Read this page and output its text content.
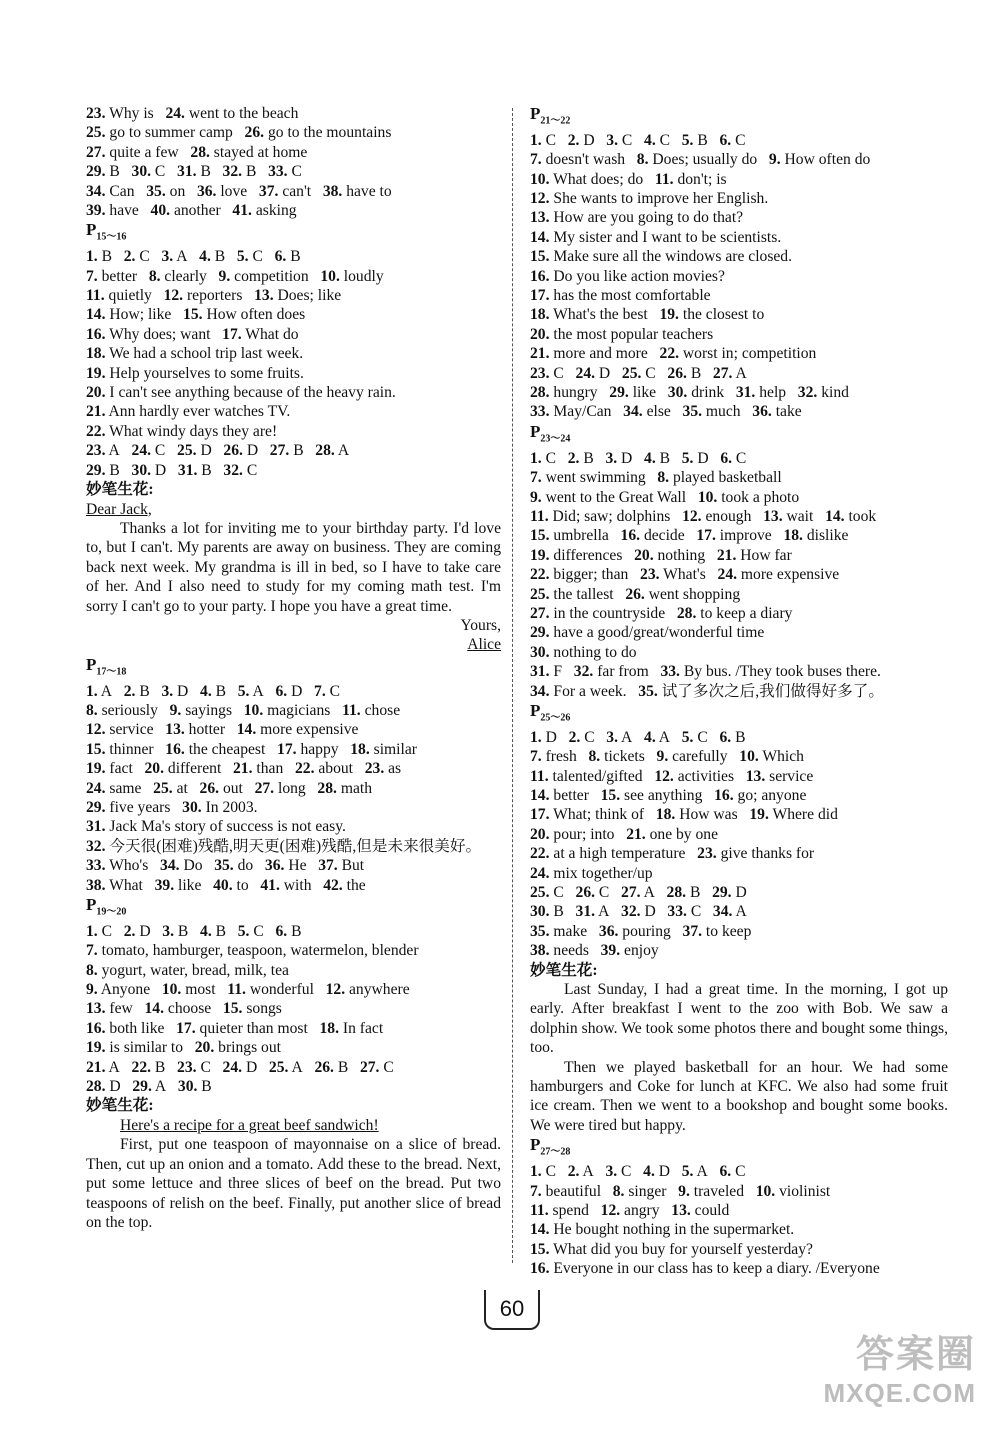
23. Why is 24. went to the beach
25. go to summer camp 26. go to the mountains
27. quite a few 28. stayed at home
29. B 30. C 31. B 32. B 33. C
34. Can 35. on 36. love 37. can't 38. have to
39. have 40. another 41. asking
$P_{15\sim 16}$
1. B 2. C 3. A 4. B 5. C 6. B
7. better 8. clearly 9. competition 10. loudly
11. quietly 12. reporters 13. Does; like
14. How; like 15. How often does
16. Why does; want 17. What do
18. We had a school trip last week.
19. Help yourselves to some fruits.
20. I can't see anything because of the heavy rain.
21. Ann hardly ever watches TV.
22. What windy days they are!
23. A 24. C 25. D 26. D 27. B 28. A
29. B 30. D 31. B 32. C
妙笔生花:
Dear Jack,
Thanks a lot for inviting me to your birthday party. I'd love to, but I can't. My parents are away on business. They are coming back next week. My grandma is ill in bed, so I have to take care of her. And I also need to study for my coming math test. I'm sorry I can't go to your party. I hope you have a great time.
Yours,
Alice
$P_{17\sim 18}$
1. A 2. B 3. D 4. B 5. A 6. D 7. C
8. seriously 9. sayings 10. magicians 11. chose
12. service 13. hotter 14. more expensive
15. thinner 16. the cheapest 17. happy 18. similar
19. fact 20. different 21. than 22. about 23. as
24. same 25. at 26. out 27. long 28. math
29. five years 30. In 2003.
31. Jack Ma's story of success is not easy.
32. 今天很(困难)残酷,明天更(困难)残酷,但是未来很美好。
33. Who's 34. Do 35. do 36. He 37. But
38. What 39. like 40. to 41. with 42. the
$P_{19\sim 20}$
1. C 2. D 3. B 4. B 5. C 6. B
7. tomato, hamburger, teaspoon, watermelon, blender
8. yogurt, water, bread, milk, tea
9. Anyone 10. most 11. wonderful 12. anywhere
13. few 14. choose 15. songs
16. both like 17. quieter than most 18. In fact
19. is similar to 20. brings out
21. A 22. B 23. C 24. D 25. A 26. B 27. C
28. D 29. A 30. B
妙笔生花:
Here's a recipe for a great beef sandwich!
First, put one teaspoon of mayonnaise on a slice of bread. Then, cut up an onion and a tomato. Add these to the bread. Next, put some lettuce and three slices of beef on the bread. Put two teaspoons of relish on the beef. Finally, put another slice of bread on the top.
$P_{21\sim 22}$
1. C 2. D 3. C 4. C 5. B 6. C
7. doesn't wash 8. Does; usually do 9. How often do
10. What does; do 11. don't; is
12. She wants to improve her English.
13. How are you going to do that?
14. My sister and I want to be scientists.
15. Make sure all the windows are closed.
16. Do you like action movies?
17. has the most comfortable
18. What's the best 19. the closest to
20. the most popular teachers
21. more and more 22. worst in; competition
23. C 24. D 25. C 26. B 27. A
28. hungry 29. like 30. drink 31. help 32. kind
33. May/Can 34. else 35. much 36. take
$P_{23\sim 24}$
1. C 2. B 3. D 4. B 5. D 6. C
7. went swimming 8. played basketball
9. went to the Great Wall 10. took a photo
11. Did; saw; dolphins 12. enough 13. wait 14. took
15. umbrella 16. decide 17. improve 18. dislike
19. differences 20. nothing 21. How far
22. bigger; than 23. What's 24. more expensive
25. the tallest 26. went shopping
27. in the countryside 28. to keep a diary
29. have a good/great/wonderful time
30. nothing to do
31. F 32. far from 33. By bus. /They took buses there.
34. For a week. 35. 试了多次之后,我们做得好多了。
$P_{25\sim 26}$
1. D 2. C 3. A 4. A 5. C 6. B
7. fresh 8. tickets 9. carefully 10. Which
11. talented/gifted 12. activities 13. service
14. better 15. see anything 16. go; anyone
17. What; think of 18. How was 19. Where did
20. pour; into 21. one by one
22. at a high temperature 23. give thanks for
24. mix together/up
25. C 26. C 27. A 28. B 29. D
30. B 31. A 32. D 33. C 34. A
35. make 36. pouring 37. to keep
38. needs 39. enjoy
妙笔生花:
Last Sunday, I had a great time. In the morning, I got up early. After breakfast I went to the zoo with Bob. We saw a dolphin show. We took some photos there and bought some things, too.
Then we played basketball for an hour. We had some hamburgers and Coke for lunch at KFC. We also had some fruit ice cream. Then we went to a bookshop and bought some books. We were tired but happy.
$P_{27\sim 28}$
1. C 2. A 3. C 4. D 5. A 6. C
7. beautiful 8. singer 9. traveled 10. violinist
11. spend 12. angry 13. could
14. He bought nothing in the supermarket.
15. What did you buy for yourself yesterday?
16. Everyone in our class has to keep a diary. /Everyone
60
答案圈
MXQE.COM
